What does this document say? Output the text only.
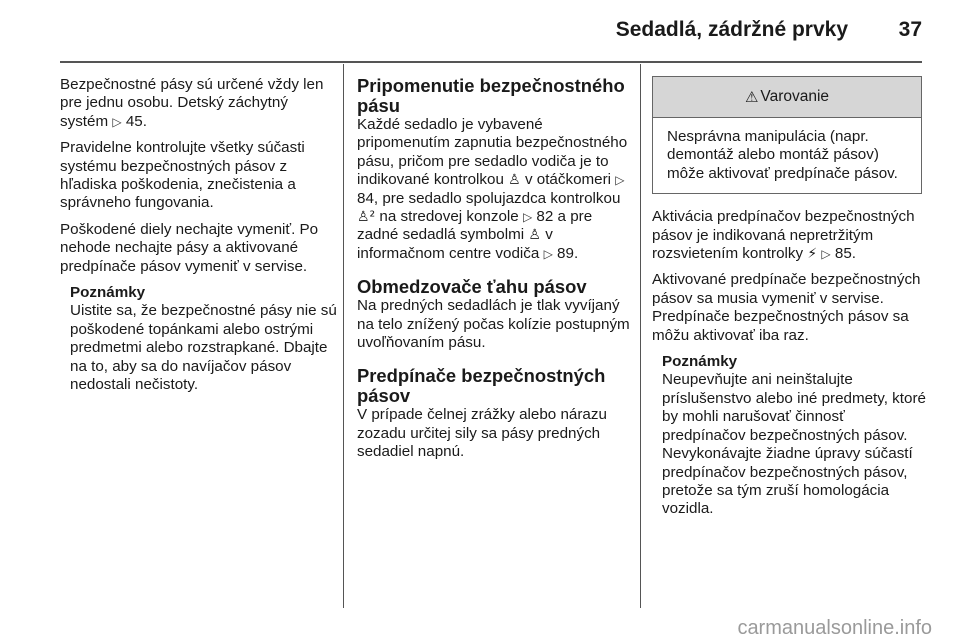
Sedadlá, zádržné prvky	37

Bezpečnostné pásy sú určené vždy len pre jednu osobu. Detský záchytný systém ▷ 45.

Pravidelne kontrolujte všetky súčasti systému bezpečnostných pásov z hľadiska poškodenia, znečistenia a správneho fungovania.

Poškodené diely nechajte vymeniť. Po nehode nechajte pásy a aktivované predpínače pásov vymeniť v servise.

Poznámky

Uistite sa, že bezpečnostné pásy nie sú poškodené topánkami alebo ostrými predmetmi alebo rozstrapkané. Dbajte na to, aby sa do navíjačov pásov nedostali nečistoty.

Pripomenutie bezpečnostného pásu

Každé sedadlo je vybavené pripomenutím zapnutia bezpečnostného pásu, pričom pre sedadlo vodiča je to indikované kontrolkou ♙ v otáčkomeri ▷ 84, pre sedadlo spolujazdca kontrolkou ♙² na stredovej konzole ▷ 82 a pre zadné sedadlá symbolmi ♙ v informačnom centre vodiča ▷ 89.

Obmedzovače ťahu pásov

Na predných sedadlách je tlak vyvíjaný na telo znížený počas kolízie postupným uvoľňovaním pásu.

Predpínače bezpečnostných pásov

V prípade čelnej zrážky alebo nárazu zozadu určitej sily sa pásy predných sedadiel napnú.

⚠ Varovanie

Nesprávna manipulácia (napr. demontáž alebo montáž pásov) môže aktivovať predpínače pásov.

Aktivácia predpínačov bezpečnostných pásov je indikovaná nepretržitým rozsvietením kontrolky ⚡ ▷ 85.

Aktivované predpínače bezpečnostných pásov sa musia vymeniť v servise. Predpínače bezpečnostných pásov sa môžu aktivovať iba raz.

Poznámky

Neupevňujte ani neinštalujte príslušenstvo alebo iné predmety, ktoré by mohli narušovať činnosť predpínačov bezpečnostných pásov. Nevykonávajte žiadne úpravy súčastí predpínačov bezpečnostných pásov, pretože sa tým zruší homologácia vozidla.

carmanualsonline.info
